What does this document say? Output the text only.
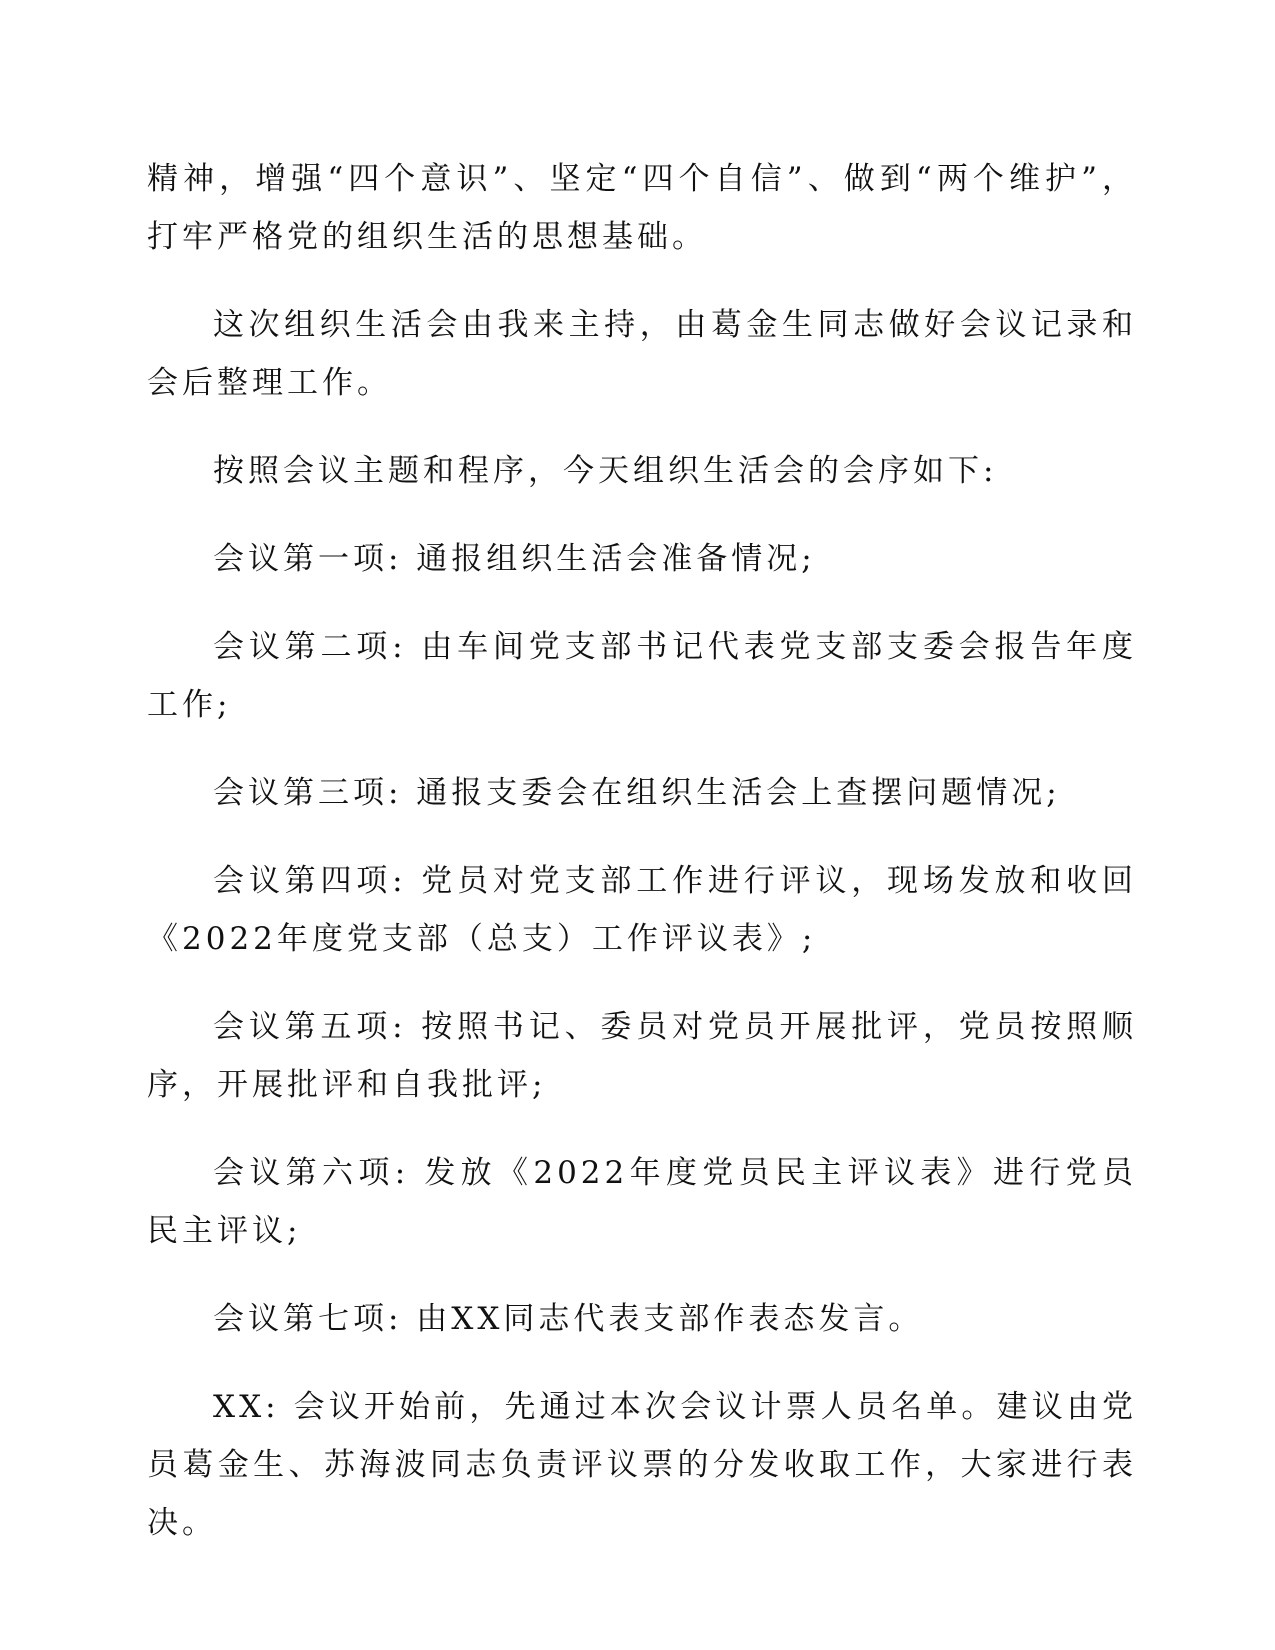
精神，增强“四个意识”、坚定“四个自信”、做到“两个维护”，打牢严格党的组织生活的思想基础。

这次组织生活会由我来主持，由葛金生同志做好会议记录和会后整理工作。

按照会议主题和程序，今天组织生活会的会序如下:

会议第一项: 通报组织生活会准备情况;

会议第二项: 由车间党支部书记代表党支部支委会报告年度工作;

会议第三项: 通报支委会在组织生活会上查摆问题情况;

会议第四项: 党员对党支部工作进行评议，现场发放和收回《2022年度党支部（总支）工作评议表》;

会议第五项: 按照书记、委员对党员开展批评，党员按照顺序，开展批评和自我批评;

会议第六项: 发放《2022年度党员民主评议表》进行党员民主评议;

会议第七项: 由XX同志代表支部作表态发言。

XX: 会议开始前，先通过本次会议计票人员名单。建议由党员葛金生、苏海波同志负责评议票的分发收取工作，大家进行表决。
